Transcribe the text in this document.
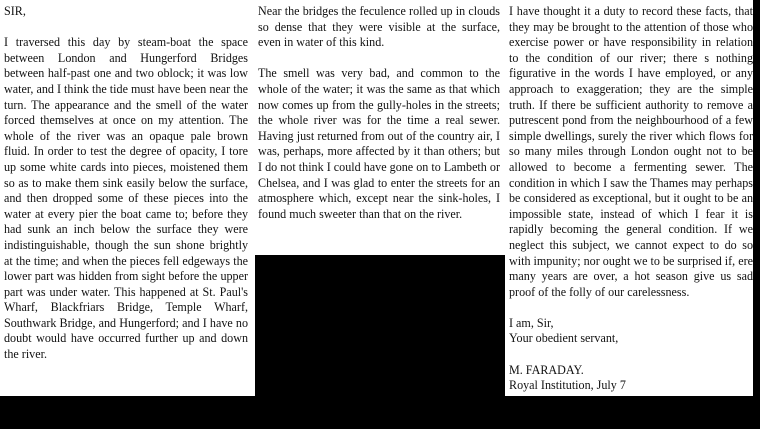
SIR,

I traversed this day by steam-boat the space between London and Hungerford Bridges between half-past one and two oblock; it was low water, and I think the tide must have been near the turn. The appearance and the smell of the water forced themselves at once on my attention. The whole of the river was an opaque pale brown fluid. In order to test the degree of opacity, I tore up some white cards into pieces, moistened them so as to make them sink easily below the surface, and then dropped some of these pieces into the water at every pier the boat came to; before they had sunk an inch below the surface they were indistinguishable, though the sun shone brightly at the time; and when the pieces fell edgeways the lower part was hidden from sight before the upper part was under water. This happened at St. Paul's Wharf, Blackfriars Bridge, Temple Wharf, Southwark Bridge, and Hungerford; and I have no doubt would have occurred further up and down the river.

Near the bridges the feculence rolled up in clouds so dense that they were visible at the surface, even in water of this kind.

The smell was very bad, and common to the whole of the water; it was the same as that which now comes up from the gully-holes in the streets; the whole river was for the time a real sewer. Having just returned from out of the country air, I was, perhaps, more affected by it than others; but I do not think I could have gone on to Lambeth or Chelsea, and I was glad to enter the streets for an atmosphere which, except near the sink-holes, I found much sweeter than that on the river.

I have thought it a duty to record these facts, that they may be brought to the attention of those who exercise power or have responsibility in relation to the condition of our river; there s nothing figurative in the words I have employed, or any approach to exaggeration; they are the simple truth. If there be sufficient authority to remove a putrescent pond from the neighbourhood of a few simple dwellings, surely the river which flows for so many miles through London ought not to be allowed to become a fermenting sewer. The condition in which I saw the Thames may perhaps be considered as exceptional, but it ought to be an impossible state, instead of which I fear it is rapidly becoming the general condition. If we neglect this subject, we cannot expect to do so with impunity; nor ought we to be surprised if, ere many years are over, a hot season give us sad proof of the folly of our carelessness.

I am, Sir,

Your obedient servant,

M. FARADAY.

Royal Institution, July 7
